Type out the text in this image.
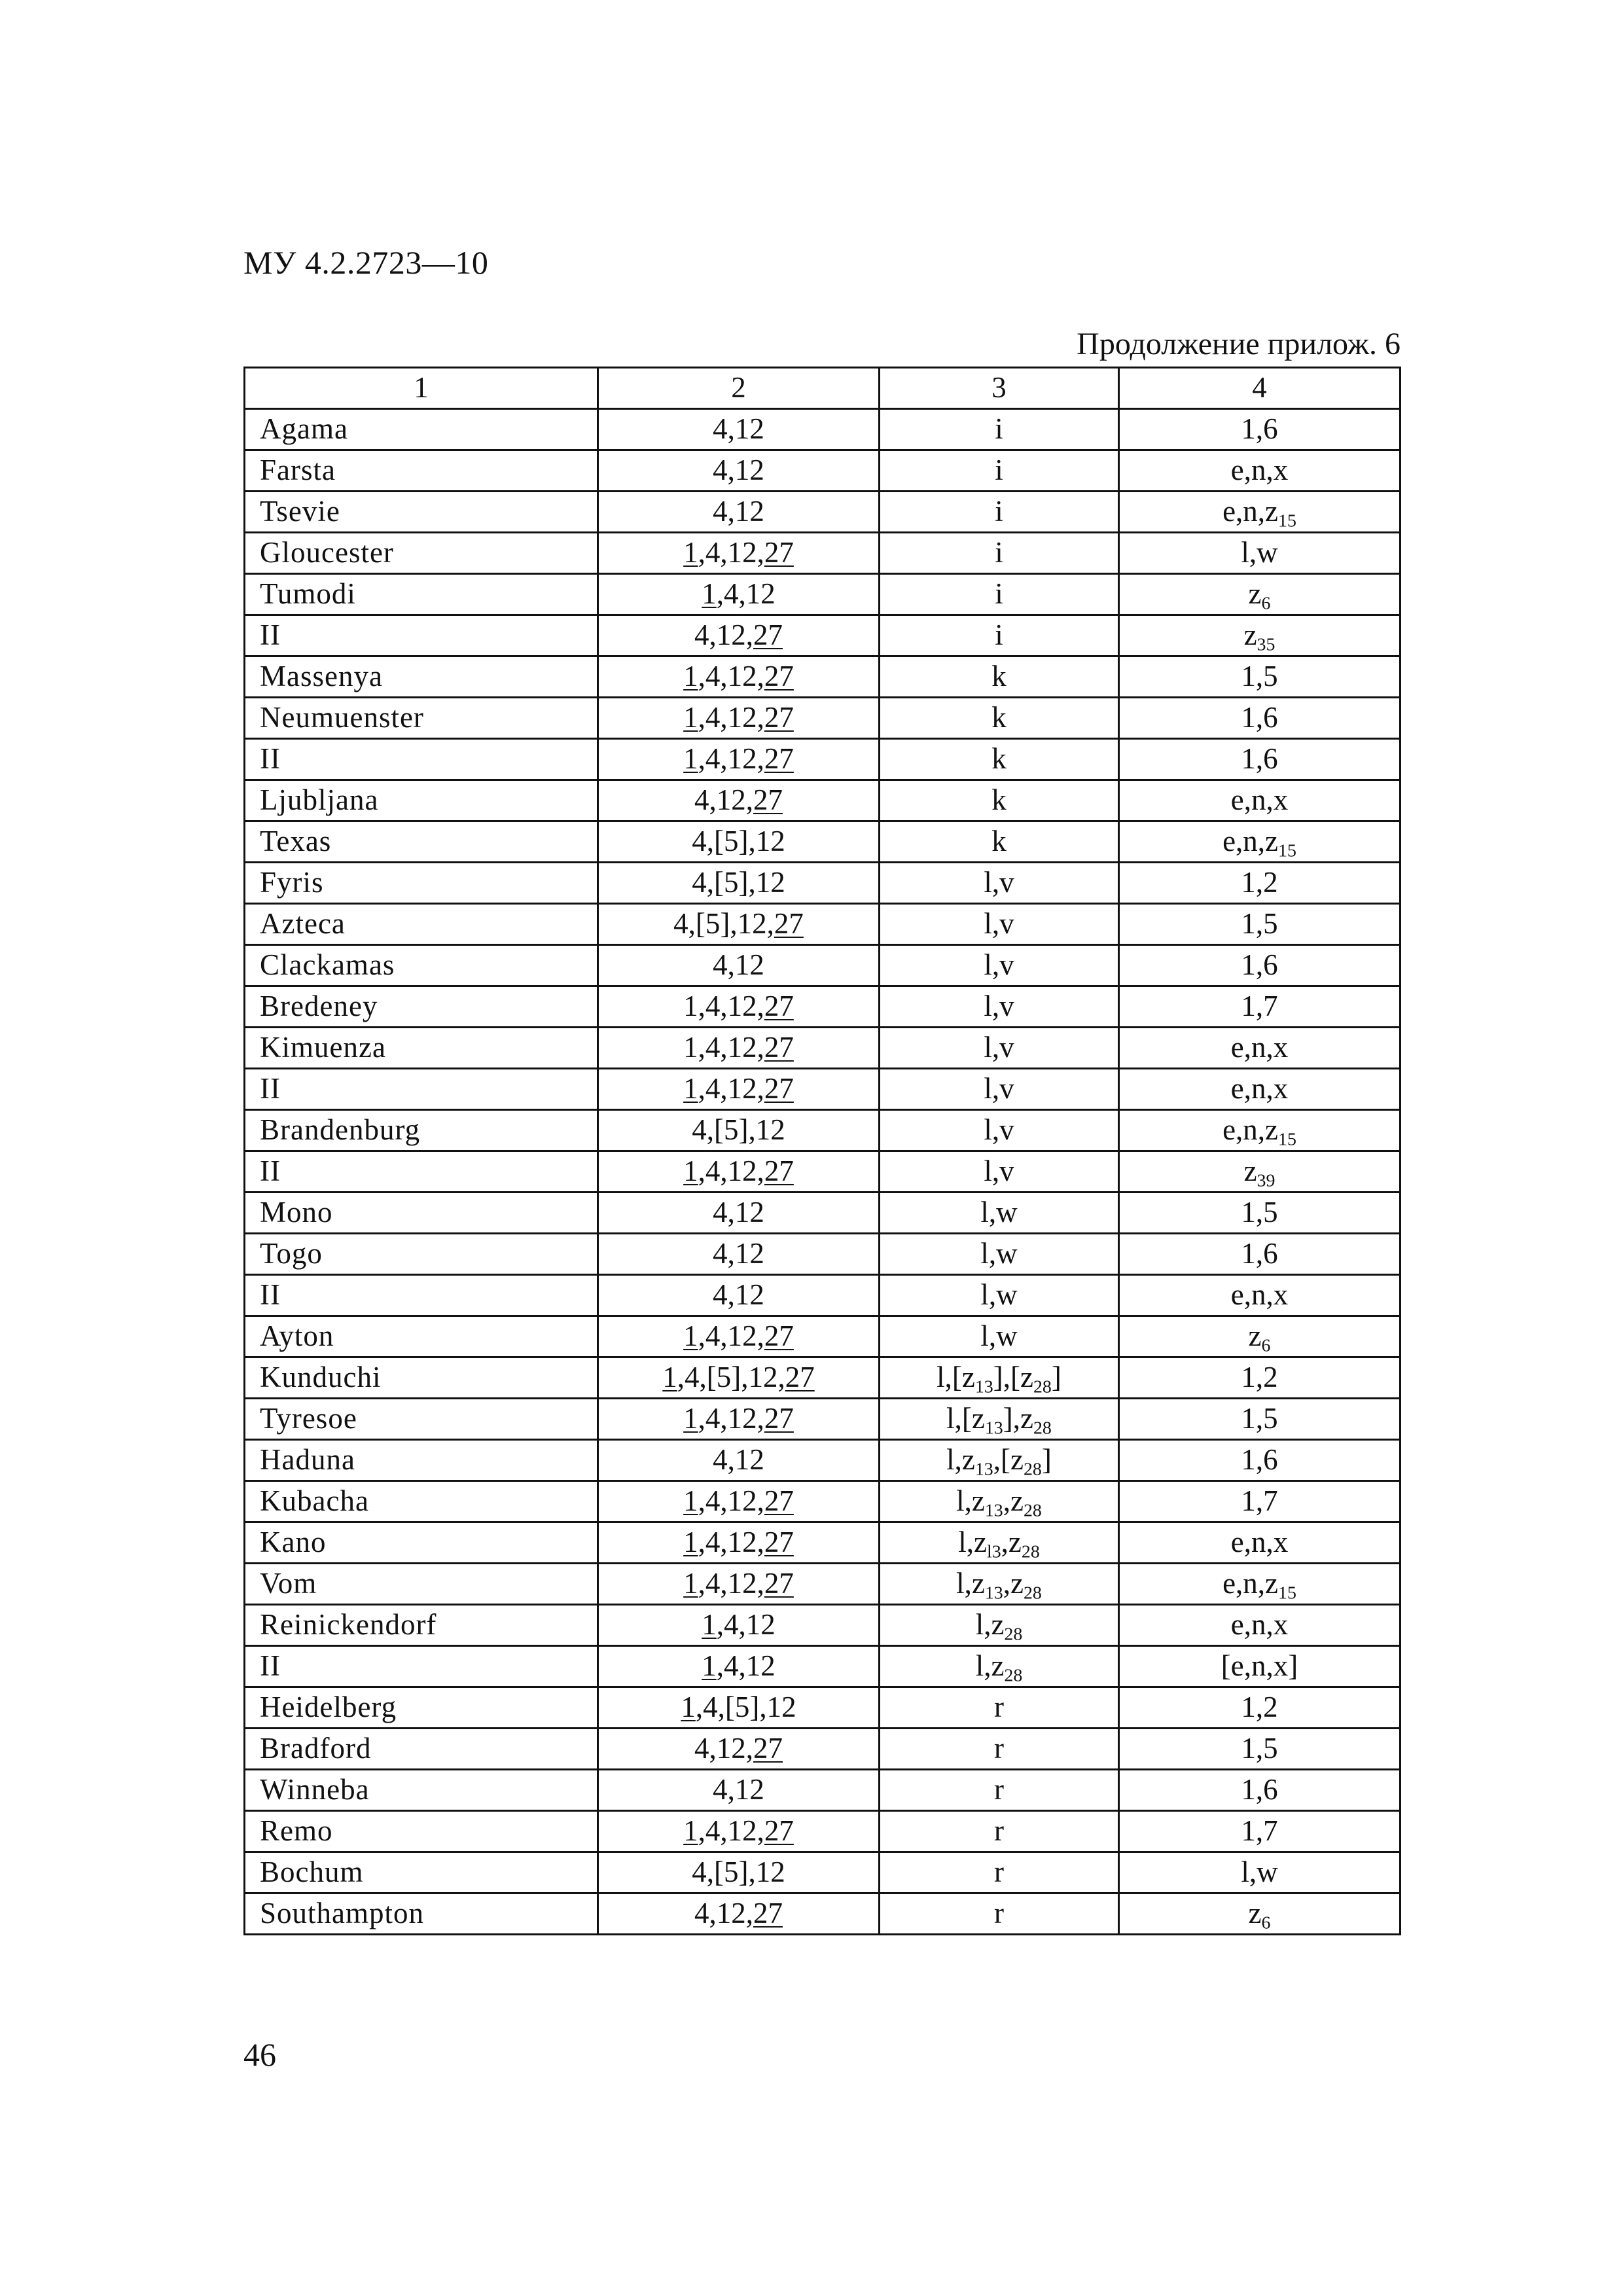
МУ 4.2.2723—10
Продолжение прилож. 6
1	2	3	4
Agama	4,12	i	1,6
Farsta	4,12	i	e,n,x
Tsevie	4,12	i	$e,n,z_{15}$
Gloucester	1,4,12,27	i	l,w
Tumodi	1,4,12	i	$z_6$
II	4,12,27	i	$z_{35}$
Massenya	1,4,12,27	k	1,5
Neumuenster	1,4,12,27	k	1,6
II	1,4,12,27	k	1,6
Ljubljana	4,12,27	k	e,n,x
Texas	4,[5],12	k	$e,n,z_{15}$
Fyris	4,[5],12	l,v	1,2
Azteca	4,[5],12,27	l,v	1,5
Clackamas	4,12	l,v	1,6
Bredeney	1,4,12,27	l,v	1,7
Kimuenza	1,4,12,27	l,v	e,n,x
II	1,4,12,27	l,v	e,n,x
Brandenburg	4,[5],12	l,v	$e,n,z_{15}$
II	1,4,12,27	l,v	$z_{39}$
Mono	4,12	l,w	1,5
Togo	4,12	l,w	1,6
II	4,12	l,w	e,n,x
Ayton	1,4,12,27	l,w	$z_6$
Kunduchi	1,4,[5],12,27	$l,[z_{13}],[z_{28}]$	1,2
Tyresoe	1,4,12,27	$l,[z_{13}],z_{28}$	1,5
Haduna	4,12	$l,z_{13},[z_{28}]$	1,6
Kubacha	1,4,12,27	$l,z_{13},z_{28}$	1,7
Kano	1,4,12,27	$l,z_{l3},z_{28}$	e,n,x
Vom	1,4,12,27	$l,z_{13},z_{28}$	$e,n,z_{15}$
Reinickendorf	1,4,12	$l,z_{28}$	e,n,x
II	1,4,12	$l,z_{28}$	[e,n,x]
Heidelberg	1,4,[5],12	r	1,2
Bradford	4,12,27	r	1,5
Winneba	4,12	r	1,6
Remo	1,4,12,27	r	1,7
Bochum	4,[5],12	r	l,w
Southampton	4,12,27	r	$z_6$
46
